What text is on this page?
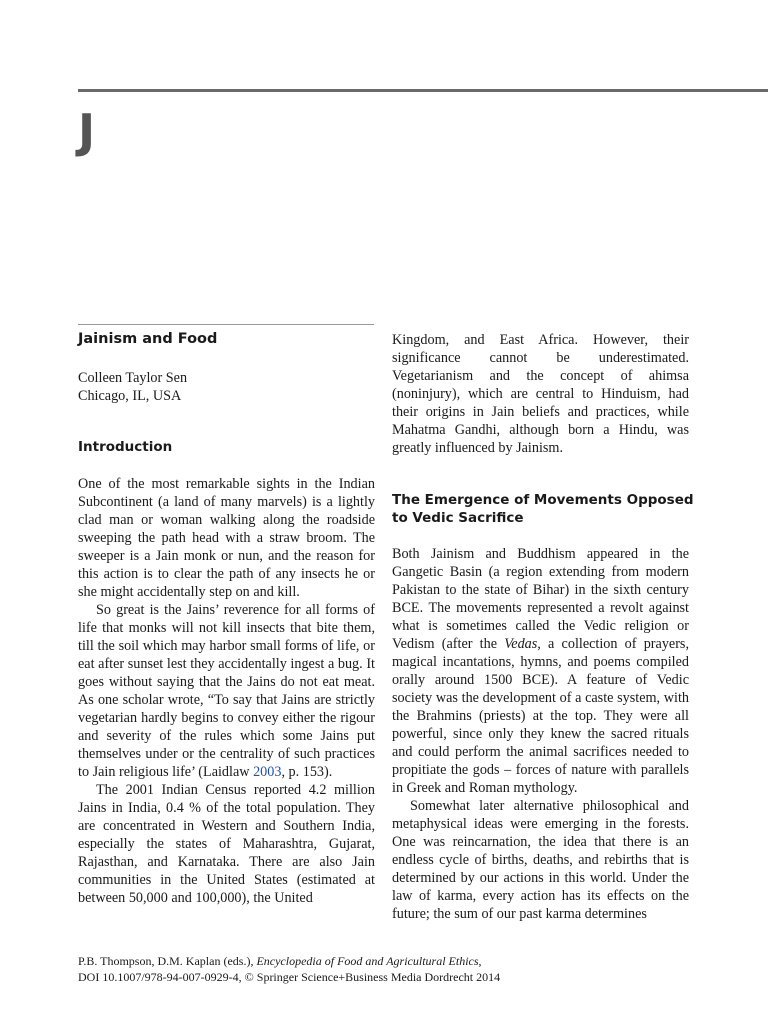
J
Jainism and Food
Colleen Taylor Sen
Chicago, IL, USA
Introduction

One of the most remarkable sights in the Indian Subcontinent (a land of many marvels) is a lightly clad man or woman walking along the roadside sweeping the path head with a straw broom. The sweeper is a Jain monk or nun, and the reason for this action is to clear the path of any insects he or she might accidentally step on and kill.

So great is the Jains’ reverence for all forms of life that monks will not kill insects that bite them, till the soil which may harbor small forms of life, or eat after sunset lest they accidentally ingest a bug. It goes without saying that the Jains do not eat meat. As one scholar wrote, “To say that Jains are strictly vegetarian hardly begins to convey either the rigour and severity of the rules which some Jains put themselves under or the centrality of such practices to Jain religious life’ (Laidlaw 2003, p. 153).

The 2001 Indian Census reported 4.2 million Jains in India, 0.4 % of the total population. They are concentrated in Western and Southern India, especially the states of Maharashtra, Gujarat, Rajasthan, and Karnataka. There are also Jain communities in the United States (estimated at between 50,000 and 100,000), the United

Kingdom, and East Africa. However, their significance cannot be underestimated. Vegetarianism and the concept of ahimsa (noninjury), which are central to Hinduism, had their origins in Jain beliefs and practices, while Mahatma Gandhi, although born a Hindu, was greatly influenced by Jainism.

The Emergence of Movements Opposed
to Vedic Sacrifice

Both Jainism and Buddhism appeared in the Gangetic Basin (a region extending from modern Pakistan to the state of Bihar) in the sixth century BCE. The movements represented a revolt against what is sometimes called the Vedic religion or Vedism (after the Vedas, a collection of prayers, magical incantations, hymns, and poems compiled orally around 1500 BCE). A feature of Vedic society was the development of a caste system, with the Brahmins (priests) at the top. They were all powerful, since only they knew the sacred rituals and could perform the animal sacrifices needed to propitiate the gods – forces of nature with parallels in Greek and Roman mythology.

Somewhat later alternative philosophical and metaphysical ideas were emerging in the forests. One was reincarnation, the idea that there is an endless cycle of births, deaths, and rebirths that is determined by our actions in this world. Under the law of karma, every action has its effects on the future; the sum of our past karma determines

P.B. Thompson, D.M. Kaplan (eds.), Encyclopedia of Food and Agricultural Ethics,
DOI 10.1007/978-94-007-0929-4, © Springer Science+Business Media Dordrecht 2014
